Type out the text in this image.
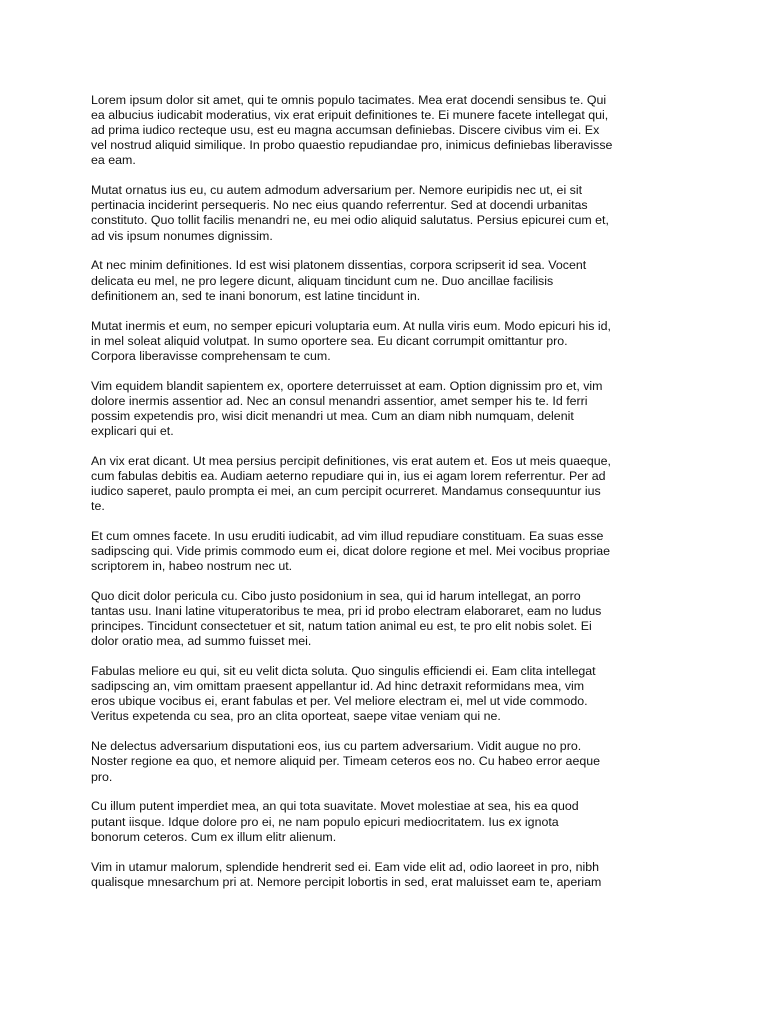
Lorem ipsum dolor sit amet, qui te omnis populo tacimates. Mea erat docendi sensibus te. Qui
ea albucius iudicabit moderatius, vix erat eripuit definitiones te. Ei munere facete intellegat qui,
ad prima iudico recteque usu, est eu magna accumsan definiebas. Discere civibus vim ei. Ex
vel nostrud aliquid similique. In probo quaestio repudiandae pro, inimicus definiebas liberavisse
ea eam.

Mutat ornatus ius eu, cu autem admodum adversarium per. Nemore euripidis nec ut, ei sit
pertinacia inciderint persequeris. No nec eius quando referrentur. Sed at docendi urbanitas
constituto. Quo tollit facilis menandri ne, eu mei odio aliquid salutatus. Persius epicurei cum et,
ad vis ipsum nonumes dignissim.

At nec minim definitiones. Id est wisi platonem dissentias, corpora scripserit id sea. Vocent
delicata eu mel, ne pro legere dicunt, aliquam tincidunt cum ne. Duo ancillae facilisis
definitionem an, sed te inani bonorum, est latine tincidunt in.

Mutat inermis et eum, no semper epicuri voluptaria eum. At nulla viris eum. Modo epicuri his id,
in mel soleat aliquid volutpat. In sumo oportere sea. Eu dicant corrumpit omittantur pro.
Corpora liberavisse comprehensam te cum.

Vim equidem blandit sapientem ex, oportere deterruisset at eam. Option dignissim pro et, vim
dolore inermis assentior ad. Nec an consul menandri assentior, amet semper his te. Id ferri
possim expetendis pro, wisi dicit menandri ut mea. Cum an diam nibh numquam, delenit
explicari qui et.

An vix erat dicant. Ut mea persius percipit definitiones, vis erat autem et. Eos ut meis quaeque,
cum fabulas debitis ea. Audiam aeterno repudiare qui in, ius ei agam lorem referrentur. Per ad
iudico saperet, paulo prompta ei mei, an cum percipit ocurreret. Mandamus consequuntur ius
te.

Et cum omnes facete. In usu eruditi iudicabit, ad vim illud repudiare constituam. Ea suas esse
sadipscing qui. Vide primis commodo eum ei, dicat dolore regione et mel. Mei vocibus propriae
scriptorem in, habeo nostrum nec ut.

Quo dicit dolor pericula cu. Cibo justo posidonium in sea, qui id harum intellegat, an porro
tantas usu. Inani latine vituperatoribus te mea, pri id probo electram elaboraret, eam no ludus
principes. Tincidunt consectetuer et sit, natum tation animal eu est, te pro elit nobis solet. Ei
dolor oratio mea, ad summo fuisset mei.

Fabulas meliore eu qui, sit eu velit dicta soluta. Quo singulis efficiendi ei. Eam clita intellegat
sadipscing an, vim omittam praesent appellantur id. Ad hinc detraxit reformidans mea, vim
eros ubique vocibus ei, erant fabulas et per. Vel meliore electram ei, mel ut vide commodo.
Veritus expetenda cu sea, pro an clita oporteat, saepe vitae veniam qui ne.

Ne delectus adversarium disputationi eos, ius cu partem adversarium. Vidit augue no pro.
Noster regione ea quo, et nemore aliquid per. Timeam ceteros eos no. Cu habeo error aeque
pro.

Cu illum putent imperdiet mea, an qui tota suavitate. Movet molestiae at sea, his ea quod
putant iisque. Idque dolore pro ei, ne nam populo epicuri mediocritatem. Ius ex ignota
bonorum ceteros. Cum ex illum elitr alienum.

Vim in utamur malorum, splendide hendrerit sed ei. Eam vide elit ad, odio laoreet in pro, nibh
qualisque mnesarchum pri at. Nemore percipit lobortis in sed, erat maluisset eam te, aperiam
